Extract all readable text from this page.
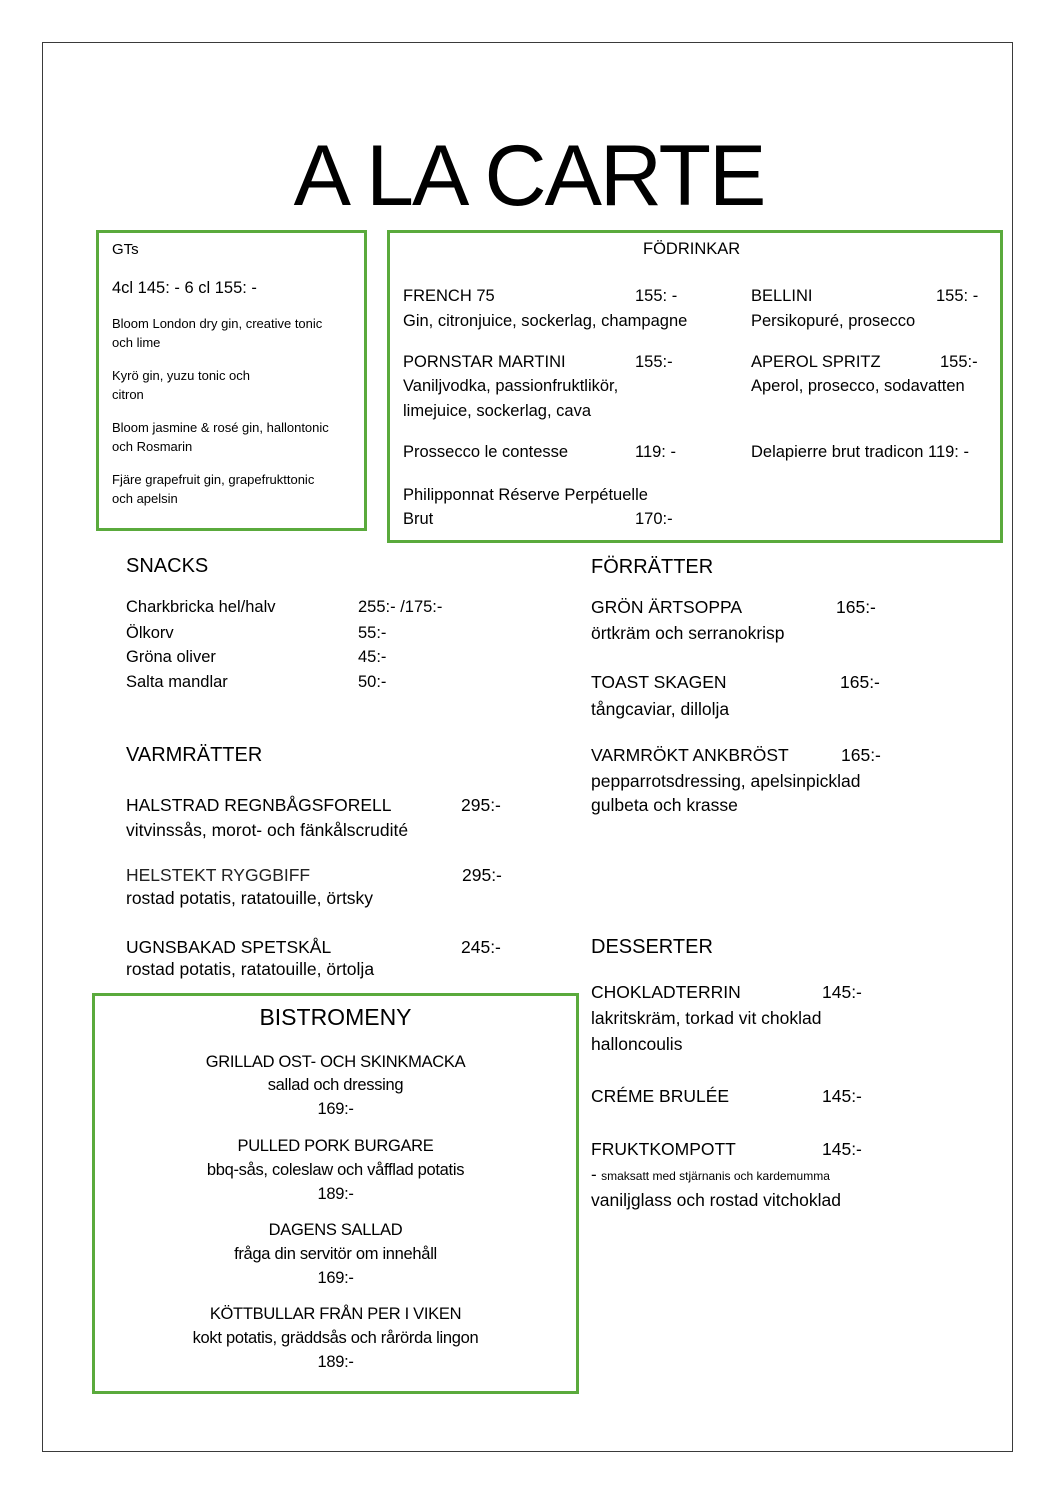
A LA CARTE
GTs
4cl 145: - 6 cl 155: -
Bloom London dry gin, creative tonic
och lime
Kyrö gin, yuzu tonic och
citron
Bloom jasmine & rosé gin, hallontonic
och Rosmarin
Fjäre grapefruit gin, grapefrukttonic
och apelsin
FÖDRINKAR
FRENCH 75	155: -
Gin, citronjuice, sockerlag, champagne
BELLINI	155: -
Persikopuré, prosecco
PORNSTAR MARTINI	155:-
Vaniljvodka, passionfruktlikör,
limejuice, sockerlag, cava
APEROL SPRITZ	155:-
Aperol, prosecco, sodavatten
Prossecco le contesse	119: -	Delapierre brut tradicon 119: -
Philipponnat Réserve Perpétuelle
Brut	170:-
SNACKS
Charkbricka hel/halv	255:- /175:-
Ölkorv	55:-
Gröna oliver	45:-
Salta mandlar	50:-
VARMRÄTTER
HALSTRAD REGNBÅGSFORELL	295:-
vitvinssås, morot- och fänkålscrudité
HELSTEKT RYGGBIFF	295:-
rostad potatis, ratatouille, örtsky
UGNSBAKAD SPETSKÅL	245:-
rostad potatis, ratatouille, örtolja
FÖRRÄTTER
GRÖN ÄRTSOPPA	165:-
örtkräm och serranokrisp
TOAST SKAGEN	165:-
tångcaviar, dillolja
VARMRÖKT ANKBRÖST	165:-
pepparrotsdressing, apelsinpicklad
gulbeta och krasse
DESSERTER
CHOKLADTERRIN	145:-
lakritskräm, torkad vit choklad
halloncoulis
CRÉME BRULÉE	145:-
FRUKTKOMPOTT	145:-
- smaksatt med stjärnanis och kardemumma
vaniljglass och rostad vitchoklad
BISTROMENY
GRILLAD OST- OCH SKINKMACKA
sallad och dressing
169:-
PULLED PORK BURGARE
bbq-sås, coleslaw och våfflad potatis
189:-
DAGENS SALLAD
fråga din servitör om innehåll
169:-
KÖTTBULLAR FRÅN PER I VIKEN
kokt potatis, gräddsås och rårörda lingon
189:-
